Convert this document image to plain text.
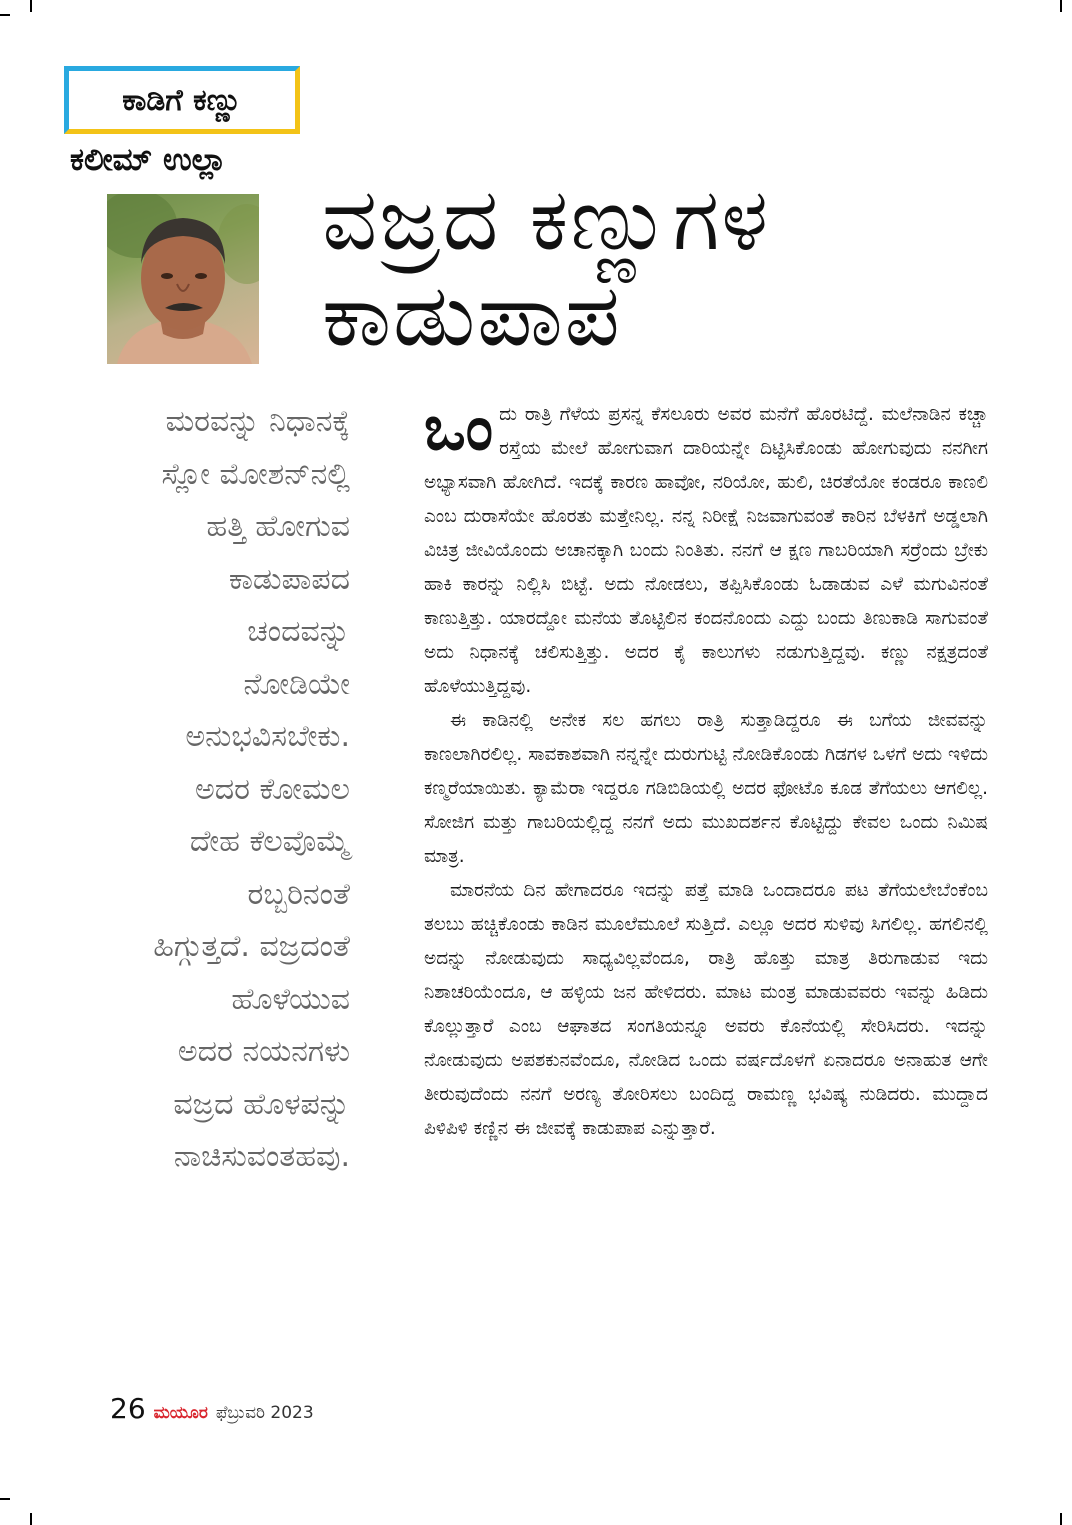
ಕಾಡಿಗೆ ಕಣ್ಣು
ಕಲೀಮ್ ಉಲ್ಲಾ
ವಜ್ರದ ಕಣ್ಣುಗಳ
ಕಾಡುಪಾಪ
ಮರವನ್ನು ನಿಧಾನಕ್ಕೆ
ಸ್ಲೋ ಮೋಶನ್‌ನಲ್ಲಿ
ಹತ್ತಿ ಹೋಗುವ
ಕಾಡುಪಾಪದ
ಚಂದವನ್ನು
ನೋಡಿಯೇ
ಅನುಭವಿಸಬೇಕು.
ಅದರ ಕೋಮಲ
ದೇಹ ಕೆಲವೊಮ್ಮೆ
ರಬ್ಬರಿನಂತೆ
ಹಿಗ್ಗುತ್ತದೆ. ವಜ್ರದಂತೆ
ಹೊಳೆಯುವ
ಅದರ ನಯನಗಳು
ವಜ್ರದ ಹೊಳಪನ್ನು
ನಾಚಿಸುವಂತಹವು.

ಒಂದು ರಾತ್ರಿ ಗೆಳೆಯ ಪ್ರಸನ್ನ ಕೆಸಲೂರು ಅವರ ಮನೆಗೆ ಹೊರಟಿದ್ದೆ. ಮಲೆನಾಡಿನ ಕಚ್ಚಾ ರಸ್ತೆಯ ಮೇಲೆ ಹೋಗುವಾಗ ದಾರಿಯನ್ನೇ ದಿಟ್ಟಿಸಿಕೊಂಡು ಹೋಗುವುದು ನನಗೀಗ ಅಭ್ಯಾಸವಾಗಿ ಹೋಗಿದೆ. ಇದಕ್ಕೆ ಕಾರಣ ಹಾವೋ, ನರಿಯೋ, ಹುಲಿ, ಚಿರತೆಯೋ ಕಂಡರೂ ಕಾಣಲಿ ಎಂಬ ದುರಾಸೆಯೇ ಹೊರತು ಮತ್ತೇನಿಲ್ಲ. ನನ್ನ ನಿರೀಕ್ಷೆ ನಿಜವಾಗುವಂತೆ ಕಾರಿನ ಬೆಳಕಿಗೆ ಅಡ್ಡಲಾಗಿ ವಿಚಿತ್ರ ಜೀವಿಯೊಂದು ಅಚಾನಕ್ಕಾಗಿ ಬಂದು ನಿಂತಿತು. ನನಗೆ ಆ ಕ್ಷಣ ಗಾಬರಿಯಾಗಿ ಸರ್ರೆಂದು ಬ್ರೇಕು ಹಾಕಿ ಕಾರನ್ನು ನಿಲ್ಲಿಸಿ ಬಿಟ್ಟೆ. ಅದು ನೋಡಲು, ತಪ್ಪಿಸಿಕೊಂಡು ಓಡಾಡುವ ಎಳೆ ಮಗುವಿನಂತೆ ಕಾಣುತ್ತಿತ್ತು. ಯಾರದ್ದೋ ಮನೆಯ ತೊಟ್ಟಿಲಿನ ಕಂದನೊಂದು ಎದ್ದು ಬಂದು ತಿಣುಕಾಡಿ ಸಾಗುವಂತೆ ಅದು ನಿಧಾನಕ್ಕೆ ಚಲಿಸುತ್ತಿತ್ತು. ಅದರ ಕೈ ಕಾಲುಗಳು ನಡುಗುತ್ತಿದ್ದವು. ಕಣ್ಣು ನಕ್ಷತ್ರದಂತೆ ಹೊಳೆಯುತ್ತಿದ್ದವು.

ಈ ಕಾಡಿನಲ್ಲಿ ಅನೇಕ ಸಲ ಹಗಲು ರಾತ್ರಿ ಸುತ್ತಾಡಿದ್ದರೂ ಈ ಬಗೆಯ ಜೀವವನ್ನು ಕಾಣಲಾಗಿರಲಿಲ್ಲ. ಸಾವಕಾಶವಾಗಿ ನನ್ನನ್ನೇ ದುರುಗುಟ್ಟಿ ನೋಡಿಕೊಂಡು ಗಿಡಗಳ ಒಳಗೆ ಅದು ಇಳಿದು ಕಣ್ಮರೆಯಾಯಿತು. ಕ್ಯಾಮೆರಾ ಇದ್ದರೂ ಗಡಿಬಿಡಿಯಲ್ಲಿ ಅದರ ಫೋಟೊ ಕೂಡ ತೆಗೆಯಲು ಆಗಲಿಲ್ಲ. ಸೋಜಿಗ ಮತ್ತು ಗಾಬರಿಯಲ್ಲಿದ್ದ ನನಗೆ ಅದು ಮುಖದರ್ಶನ ಕೊಟ್ಟಿದ್ದು ಕೇವಲ ಒಂದು ನಿಮಿಷ ಮಾತ್ರ.

ಮಾರನೆಯ ದಿನ ಹೇಗಾದರೂ ಇದನ್ನು ಪತ್ತೆ ಮಾಡಿ ಒಂದಾದರೂ ಪಟ ತೆಗೆಯಲೇಬೆಂಕೆಂಬ ತಲಬು ಹಚ್ಚಿಕೊಂಡು ಕಾಡಿನ ಮೂಲೆಮೂಲೆ ಸುತ್ತಿದೆ. ಎಲ್ಲೂ ಅದರ ಸುಳಿವು ಸಿಗಲಿಲ್ಲ. ಹಗಲಿನಲ್ಲಿ ಅದನ್ನು ನೋಡುವುದು ಸಾಧ್ಯವಿಲ್ಲವೆಂದೂ, ರಾತ್ರಿ ಹೊತ್ತು ಮಾತ್ರ ತಿರುಗಾಡುವ ಇದು ನಿಶಾಚರಿಯೆಂದೂ, ಆ ಹಳ್ಳಿಯ ಜನ ಹೇಳಿದರು. ಮಾಟ ಮಂತ್ರ ಮಾಡುವವರು ಇವನ್ನು ಹಿಡಿದು ಕೊಲ್ಲುತ್ತಾರೆ ಎಂಬ ಆಘಾತದ ಸಂಗತಿಯನ್ನೂ ಅವರು ಕೊನೆಯಲ್ಲಿ ಸೇರಿಸಿದರು. ಇದನ್ನು ನೋಡುವುದು ಅಪಶಕುನವೆಂದೂ, ನೋಡಿದ ಒಂದು ವರ್ಷದೊಳಗೆ ಏನಾದರೂ ಅನಾಹುತ ಆಗೇ ತೀರುವುದೆಂದು ನನಗೆ ಅರಣ್ಯ ತೋರಿಸಲು ಬಂದಿದ್ದ ರಾಮಣ್ಣ ಭವಿಷ್ಯ ನುಡಿದರು. ಮುದ್ದಾದ ಪಿಳಿಪಿಳಿ ಕಣ್ಣಿನ ಈ ಜೀವಕ್ಕೆ ಕಾಡುಪಾಪ ಎನ್ನುತ್ತಾರೆ.

26 ಮಯೂರ ಫೆಬ್ರುವರಿ 2023
